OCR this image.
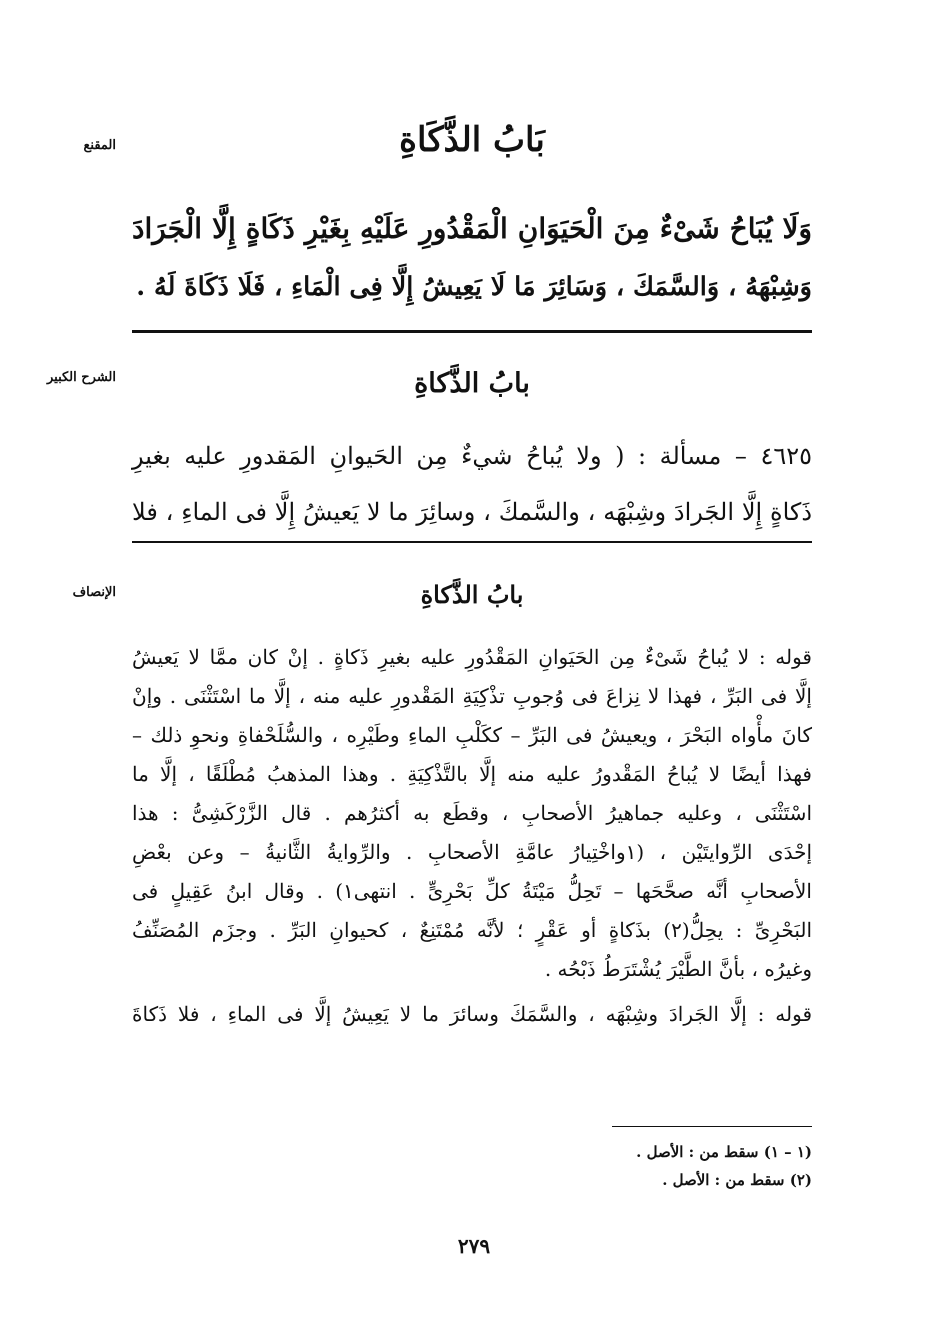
المقنع	بَابُ الذَّكَاةِ
وَلَا يُبَاحُ شَىْءٌ مِنَ الْحَيَوَانِ الْمَقْدُورِ عَلَيْهِ بِغَيْرِ ذَكَاةٍ إِلَّا الْجَرَادَ
وَشِبْهَهُ ، وَالسَّمَكَ ، وَسَائِرَ مَا لَا يَعِيشُ إِلَّا فِى الْمَاءِ ، فَلَا ذَكَاةَ لَهُ .
الشرح الكبير	بابُ الذَّكاةِ
٤٦٢٥ – مسألة : ( ولا يُباحُ شيءٌ مِن الحَيوانِ المَقدورِ عليه بغيرِ
ذَكاةٍ إِلَّا الجَرادَ وشِبْهَه ، والسَّمكَ ، وسائِرَ ما لا يَعيشُ إِلَّا فى الماءِ ، فلا
الإنصاف	بابُ الذَّكاةِ
قوله : لا يُباحُ شَىْءٌ مِن الحَيَوانِ المَقْدُورِ عليه بغيرِ ذَكاةٍ . إنْ كان ممَّا لا يَعيشُ
إلَّا فى البَرِّ ، فهذا لا نِزاعَ فى وُجوبِ تذْكِيَةِ المَقْدورِ عليه منه ، إلَّا ما اسْتَثْنَى . وإنْ
كانَ مأْواه البَحْرَ ، ويعيشُ فى البَرِّ – ككَلْبِ الماءِ وطَيْرِه ، والسُّلَحْفاةِ ونحوِ ذلك –
فهذا أيضًا لا يُباحُ المَقْدورُ عليه منه إلَّا بالتَّذْكِيَةِ . وهذا المذهبُ مُطْلَقًا ، إلَّا ما
اسْتَثْنَى ، وعليه جماهيرُ الأصحابِ ، وقطَع به أكثرُهم . قال الزَّرْكَشِىُّ : هذا
إحْدَى الرِّوايتَيْن ، (١واخْتِيارُ عامَّةِ الأصحابِ . والرِّوايةُ الثَّانيةُ – وعن بعْضِ
الأصحابِ أنَّه صحَّحَها – تَحِلُّ مَيْتَةُ كلِّ بَحْرِىٍّ . انتهى١) . وقال ابنُ عَقِيلٍ فى
البَحْرِىِّ : يحِلُّ(٢) بذَكاةٍ أو عَقْرٍ ؛ لأنَّه مُمْتَنِعٌ ، كحيوانِ البَرِّ . وجزَم المُصَنِّفُ
وغيرُه ، بأنَّ الطَّيْرَ يُشْتَرَطُ ذَبْحُه .
قوله : إلَّا الجَرادَ وشِبْهَه ، والسَّمَكَ وسائرَ ما لا يَعِيشُ إلَّا فى الماءِ ، فلا ذَكاةَ
(١ – ١) سقط من : الأصل .
(٢) سقط من : الأصل .
٢٧٩
